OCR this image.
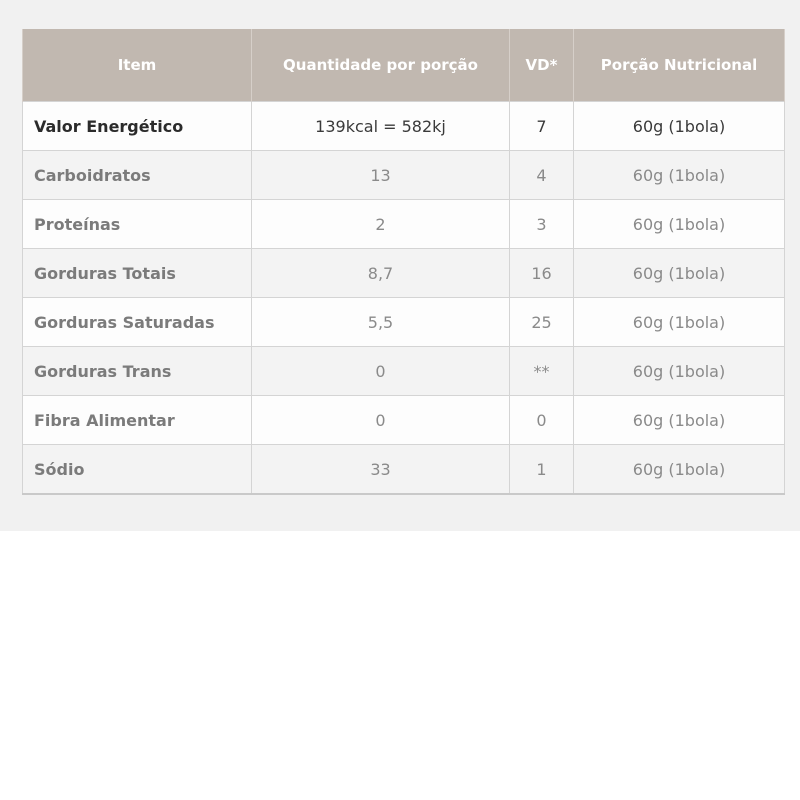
Item	Quantidade por porção	VD*	Porção Nutricional
Valor Energético	139kcal = 582kj	7	60g (1bola)
Carboidratos	13	4	60g (1bola)
Proteínas	2	3	60g (1bola)
Gorduras Totais	8,7	16	60g (1bola)
Gorduras Saturadas	5,5	25	60g (1bola)
Gorduras Trans	0	**	60g (1bola)
Fibra Alimentar	0	0	60g (1bola)
Sódio	33	1	60g (1bola)
